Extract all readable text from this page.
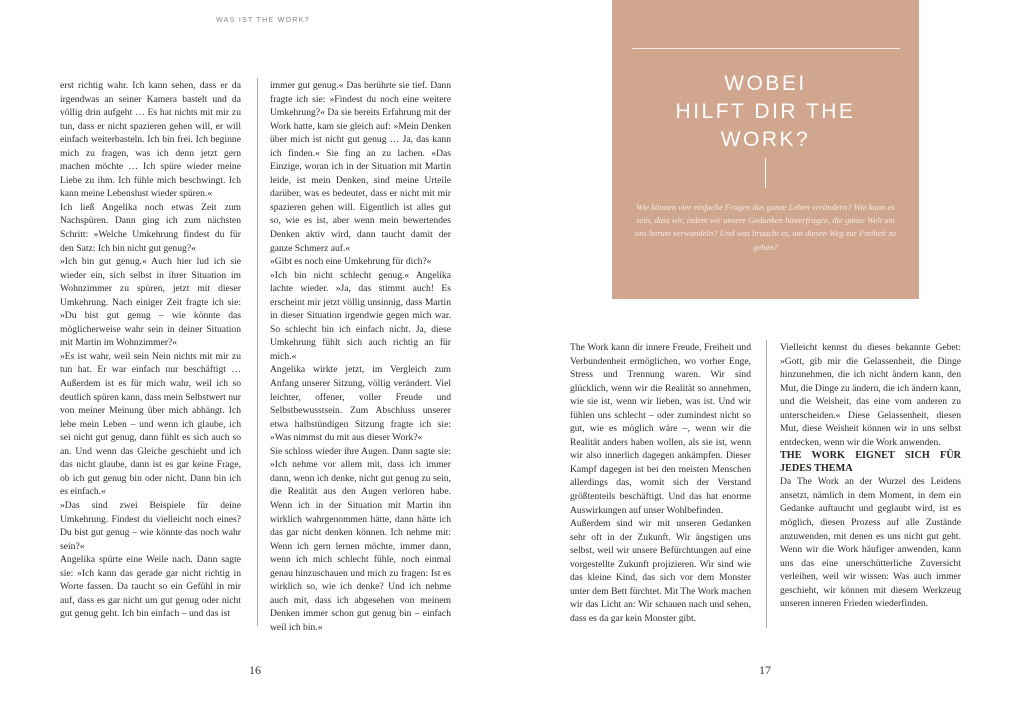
WAS IST THE WORK?

erst richtig wahr. Ich kann sehen, dass er da irgendwas an seiner Kamera bastelt und da völlig drin aufgeht … Es hat nichts mit mir zu tun, dass er nicht spazieren gehen will, er will einfach weiterbasteln. Ich bin frei. Ich beginne mich zu fragen, was ich denn jetzt gern machen möchte … Ich spüre wieder meine Liebe zu ihm. Ich fühle mich beschwingt. Ich kann meine Lebenslust wieder spüren.«

Ich ließ Angelika noch etwas Zeit zum Nachspüren. Dann ging ich zum nächsten Schritt: »Welche Umkehrung findest du für den Satz: Ich bin nicht gut genug?«

»Ich bin gut genug.« Auch hier lud ich sie wieder ein, sich selbst in ihrer Situation im Wohnzimmer zu spüren, jetzt mit dieser Umkehrung. Nach einiger Zeit fragte ich sie: »Du bist gut genug – wie könnte das möglicherweise wahr sein in deiner Situation mit Martin im Wohnzimmer?«

»Es ist wahr, weil sein Nein nichts mit mir zu tun hat. Er war einfach nur beschäftigt … Außerdem ist es für mich wahr, weil ich so deutlich spüren kann, dass mein Selbstwert nur von meiner Meinung über mich abhängt. Ich lebe mein Leben – und wenn ich glaube, ich sei nicht gut genug, dann fühlt es sich auch so an. Und wenn das Gleiche geschieht und ich das nicht glaube, dann ist es gar keine Frage, ob ich gut genug bin oder nicht. Dann bin ich es einfach.«

»Das sind zwei Beispiele für deine Umkehrung. Findest du vielleicht noch eines? Du bist gut genug – wie könnte das noch wahr sein?«

Angelika spürte eine Weile nach. Dann sagte sie: »Ich kann das gerade gar nicht richtig in Worte fassen. Da taucht so ein Gefühl in mir auf, dass es gar nicht um gut genug oder nicht gut genug geht. Ich bin einfach – und das ist

immer gut genug.« Das berührte sie tief. Dann fragte ich sie: »Findest du noch eine weitere Umkehrung?« Da sie bereits Erfahrung mit der Work hatte, kam sie gleich auf: »Mein Denken über mich ist nicht gut genug … Ja, das kann ich finden.« Sie fing an zu lachen. »Das Einzige, woran ich in der Situation mit Martin leide, ist mein Denken, sind meine Urteile darüber, was es bedeutet, dass er nicht mit mir spazieren gehen will. Eigentlich ist alles gut so, wie es ist, aber wenn mein bewertendes Denken aktiv wird, dann taucht damit der ganze Schmerz auf.«

»Gibt es noch eine Umkehrung für dich?«

»Ich bin nicht schlecht genug.« Angelika lachte wieder. »Ja, das stimmt auch! Es erscheint mir jetzt völlig unsinnig, dass Martin in dieser Situation irgendwie gegen mich war. So schlecht bin ich einfach nicht. Ja, diese Umkehrung fühlt sich auch richtig an für mich.«

Angelika wirkte jetzt, im Vergleich zum Anfang unserer Sitzung, völlig verändert. Viel leichter, offener, voller Freude und Selbstbewusstsein. Zum Abschluss unserer etwa halbstündigen Sitzung fragte ich sie: »Was nimmst du mit aus dieser Work?«

Sie schloss wieder ihre Augen. Dann sagte sie: »Ich nehme vor allem mit, dass ich immer dann, wenn ich denke, nicht gut genug zu sein, die Realität aus den Augen verloren habe. Wenn ich in der Situation mit Martin ihn wirklich wahrgenommen hätte, dann hätte ich das gar nicht denken können. Ich nehme mit: Wenn ich gern lernen möchte, immer dann, wenn ich mich schlecht fühle, noch einmal genau hinzuschauen und mich zu fragen: Ist es wirklich so, wie ich denke? Und ich nehme auch mit, dass ich abgesehen von meinem Denken immer schon gut genug bin – einfach weil ich bin.«

16
WOBEI
HILFT DIR THE
WORK?
Wie können vier einfache Fragen das ganze Leben verändern? Wie kann es sein, dass wir, indem wir unsere Gedanken hinterfragen, die ganze Welt um uns herum verwandeln? Und was braucht es, um diesen Weg zur Freiheit zu gehen?

The Work kann dir innere Freude, Freiheit und Verbundenheit ermöglichen, wo vorher Enge, Stress und Trennung waren. Wir sind glücklich, wenn wir die Realität so annehmen, wie sie ist, wenn wir lieben, was ist. Und wir fühlen uns schlecht – oder zumindest nicht so gut, wie es möglich wäre –, wenn wir die Realität anders haben wollen, als sie ist, wenn wir also innerlich dagegen ankämpfen. Dieser Kampf dagegen ist bei den meisten Menschen allerdings das, womit sich der Verstand größtenteils beschäftigt. Und das hat enorme Auswirkungen auf unser Wohlbefinden.

Außerdem sind wir mit unseren Gedanken sehr oft in der Zukunft. Wir ängstigen uns selbst, weil wir unsere Befürchtungen auf eine vorgestellte Zukunft projizieren. Wir sind wie das kleine Kind, das sich vor dem Monster unter dem Bett fürchtet. Mit The Work machen wir das Licht an: Wir schauen nach und sehen, dass es da gar kein Monster gibt.

Vielleicht kennst du dieses bekannte Gebet: »Gott, gib mir die Gelassenheit, die Dinge hinzunehmen, die ich nicht ändern kann, den Mut, die Dinge zu ändern, die ich ändern kann, und die Weisheit, das eine vom anderen zu unterscheiden.« Diese Gelassenheit, diesen Mut, diese Weisheit können wir in uns selbst entdecken, wenn wir die Work anwenden.

THE WORK EIGNET SICH FÜR JEDES THEMA

Da The Work an der Wurzel des Leidens ansetzt, nämlich in dem Moment, in dem ein Gedanke auftaucht und geglaubt wird, ist es möglich, diesen Prozess auf alle Zustände anzuwenden, mit denen es uns nicht gut geht. Wenn wir die Work häufiger anwenden, kann uns das eine unerschütterliche Zuversicht verleihen, weil wir wissen: Was auch immer geschieht, wir können mit diesem Werkzeug unseren inneren Frieden wiederfinden.

17
